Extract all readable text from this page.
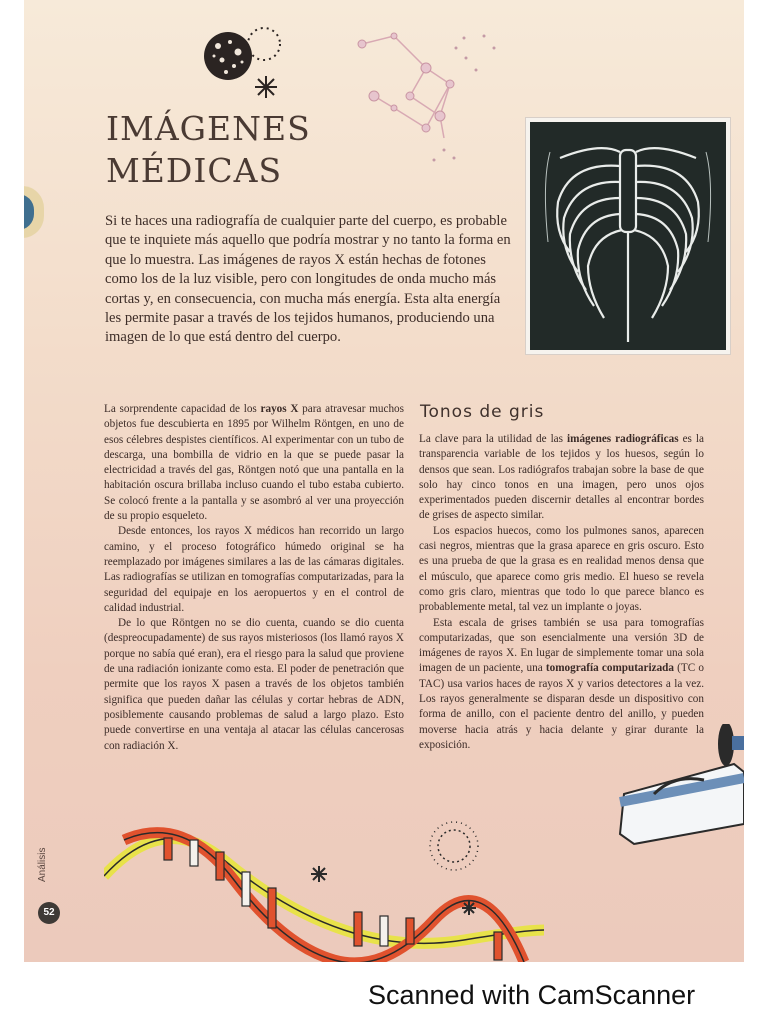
IMÁGENES
MÉDICAS

Si te haces una radiografía de cualquier parte del cuerpo, es probable que te inquiete más aquello que podría mostrar y no tanto la forma en que lo muestra. Las imágenes de rayos X están hechas de fotones como los de la luz visible, pero con longitudes de onda mucho más cortas y, en consecuencia, con mucha más energía. Esta alta energía les permite pasar a través de los tejidos humanos, produciendo una imagen de lo que está dentro del cuerpo.

La sorprendente capacidad de los rayos X para atravesar muchos objetos fue descubierta en 1895 por Wilhelm Röntgen, en uno de esos célebres despistes científicos. Al experimentar con un tubo de descarga, una bombilla de vidrio en la que se puede pasar la electricidad a través del gas, Röntgen notó que una pantalla en la habitación oscura brillaba incluso cuando el tubo estaba cubierto. Se colocó frente a la pantalla y se asombró al ver una proyección de su propio esqueleto.

Desde entonces, los rayos X médicos han recorrido un largo camino, y el proceso fotográfico húmedo original se ha reemplazado por imágenes similares a las de las cámaras digitales. Las radiografías se utilizan en tomografías computarizadas, para la seguridad del equipaje en los aeropuertos y en el control de calidad industrial.

De lo que Röntgen no se dio cuenta, cuando se dio cuenta (despreocupadamente) de sus rayos misteriosos (los llamó rayos X porque no sabía qué eran), era el riesgo para la salud que proviene de una radiación ionizante como esta. El poder de penetración que permite que los rayos X pasen a través de los objetos también significa que pueden dañar las células y cortar hebras de ADN, posiblemente causando problemas de salud a largo plazo. Esto puede convertirse en una ventaja al atacar las células cancerosas con radiación X.

Tonos de gris

La clave para la utilidad de las imágenes radiográficas es la transparencia variable de los tejidos y los huesos, según lo densos que sean. Los radiógrafos trabajan sobre la base de que solo hay cinco tonos en una imagen, pero unos ojos experimentados pueden discernir detalles al encontrar bordes de grises de aspecto similar.

Los espacios huecos, como los pulmones sanos, aparecen casi negros, mientras que la grasa aparece en gris oscuro. Esto es una prueba de que la grasa es en realidad menos densa que el músculo, que aparece como gris medio. El hueso se revela como gris claro, mientras que todo lo que parece blanco es probablemente metal, tal vez un implante o joyas.

Esta escala de grises también se usa para tomografías computarizadas, que son esencialmente una versión 3D de imágenes de rayos X. En lugar de simplemente tomar una sola imagen de un paciente, una tomografía computarizada (TC o TAC) usa varios haces de rayos X y varios detectores a la vez. Los rayos generalmente se disparan desde un dispositivo con forma de anillo, con el paciente dentro del anillo, y pueden moverse hacia atrás y hacia delante y girar durante la exposición.

Análisis
52
Scanned with CamScanner
